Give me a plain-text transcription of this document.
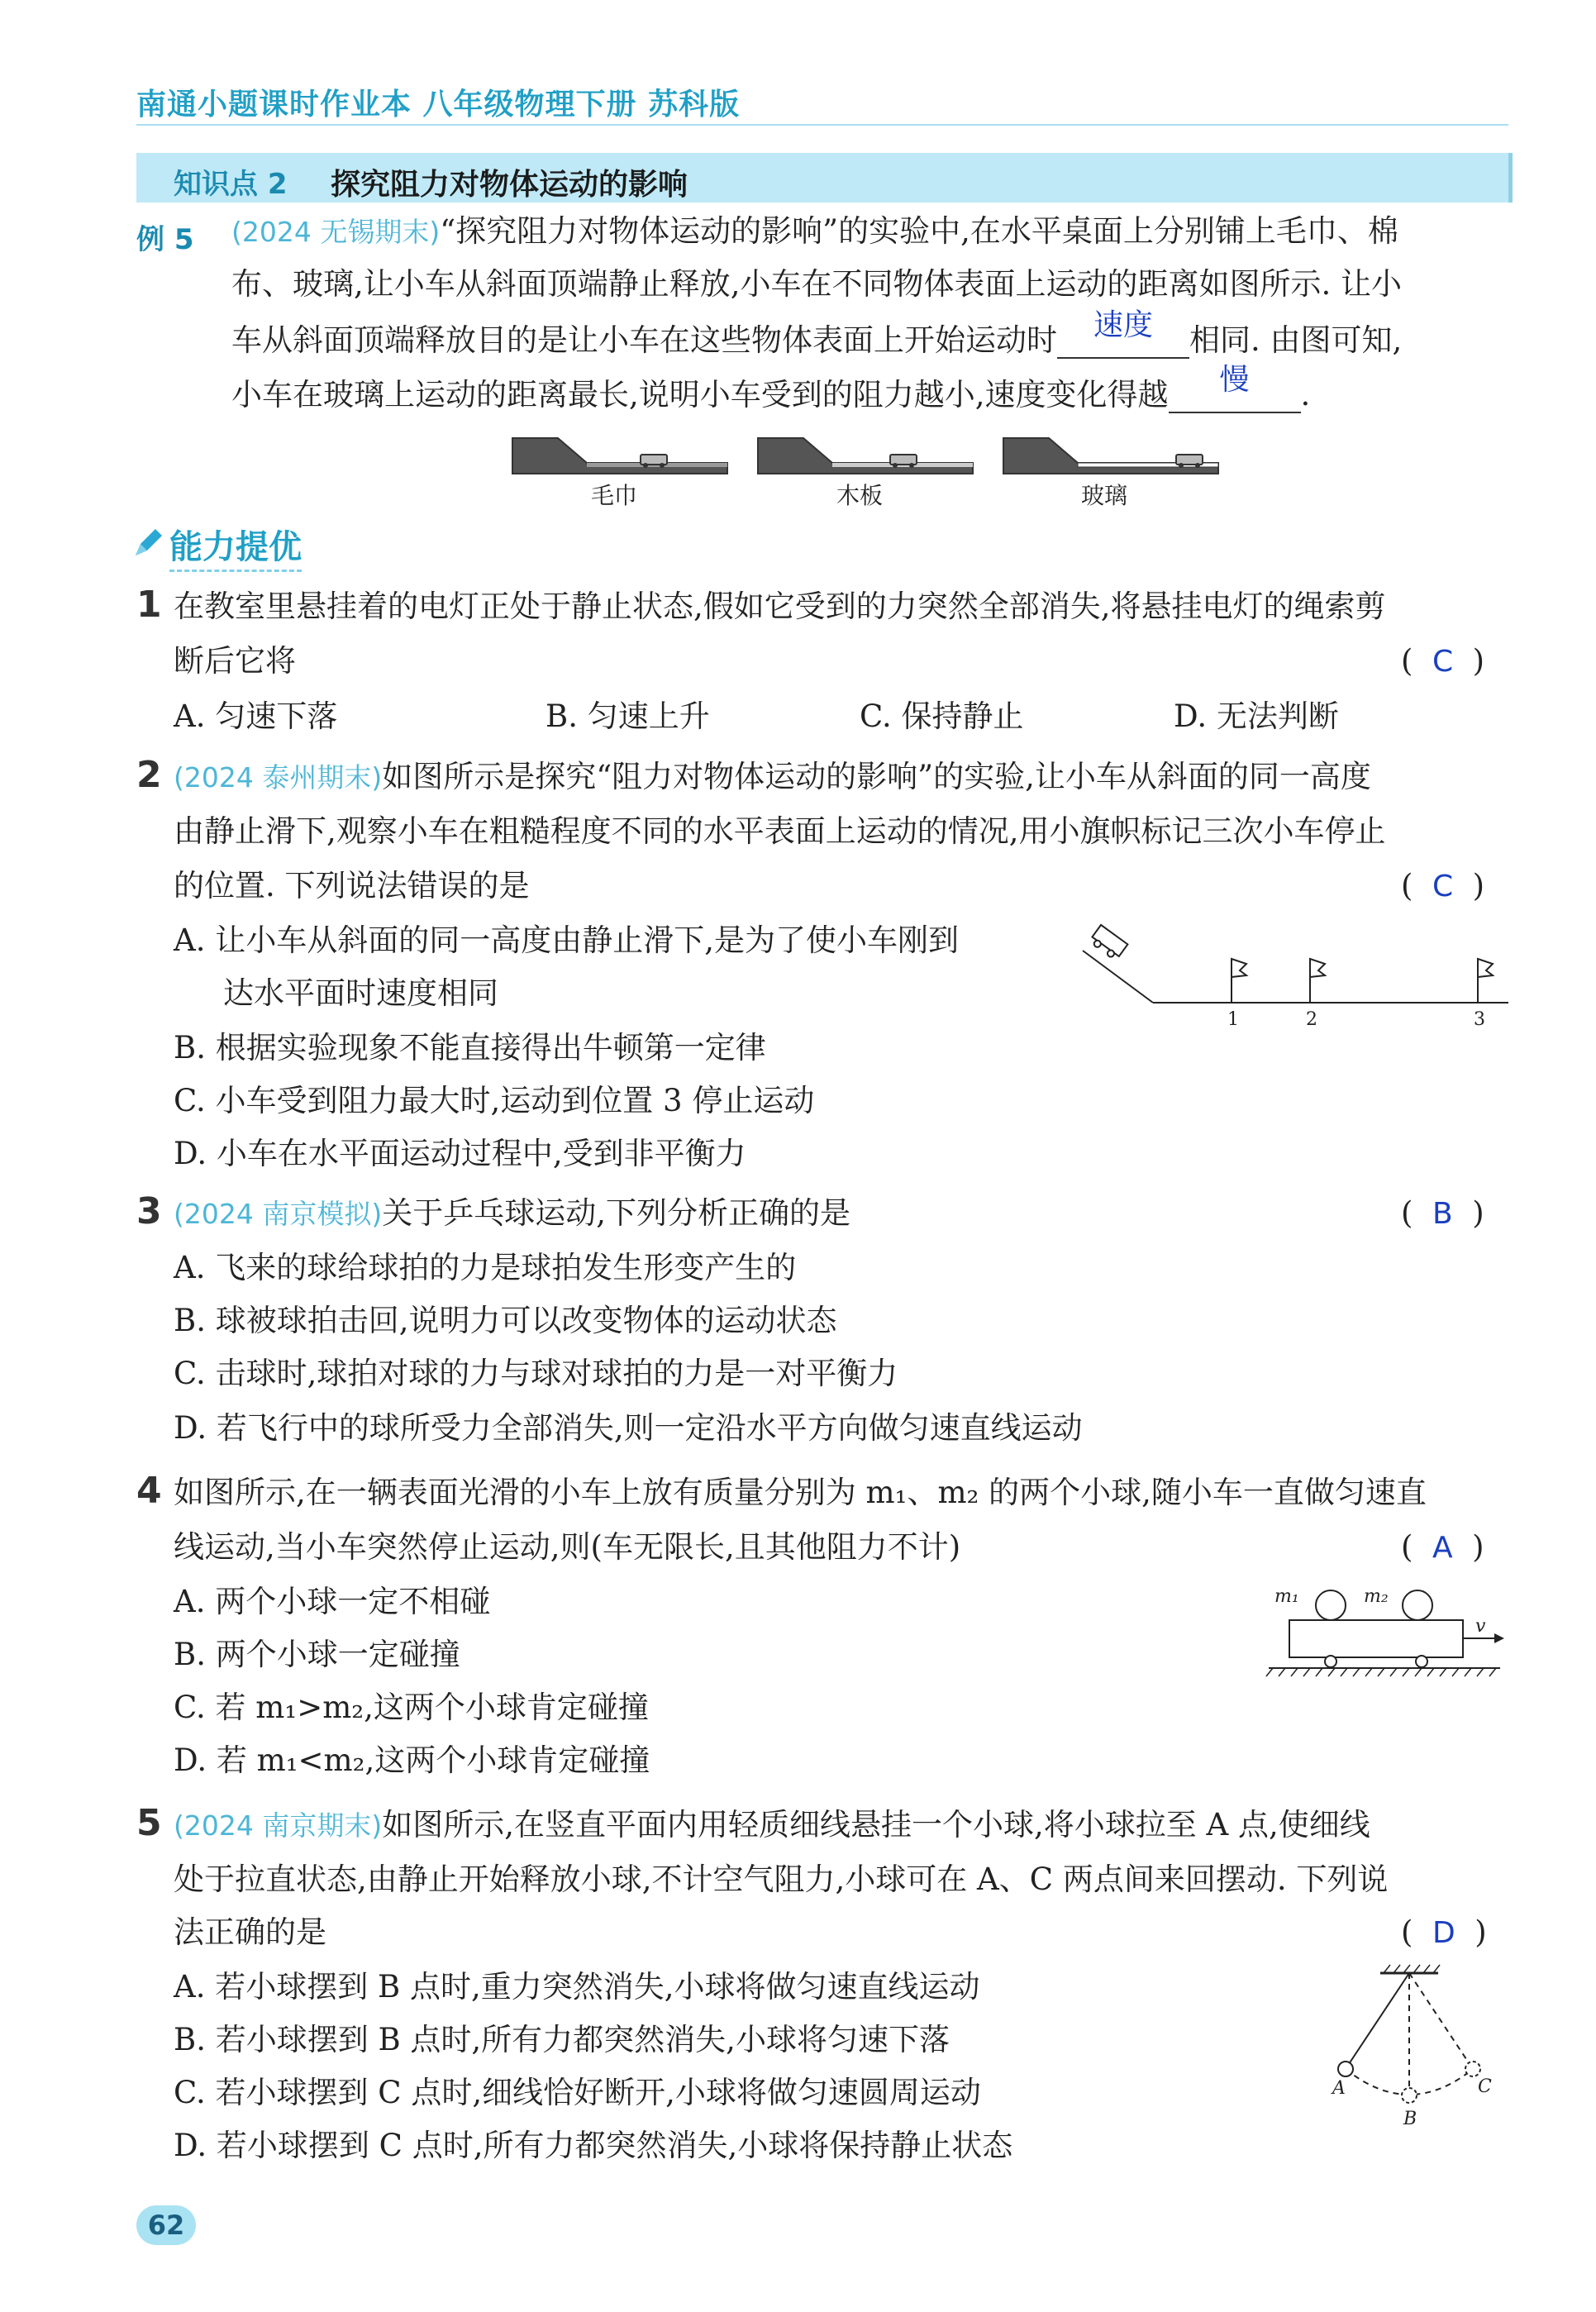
南通小题课时作业本 八年级物理下册 苏科版
知识点 2 探究阻力对物体运动的影响
例 5 (2024 无锡期末)“探究阻力对物体运动的影响”的实验中,在水平桌面上分别铺上毛巾、棉
布、玻璃,让小车从斜面顶端静止释放,小车在不同物体表面上运动的距离如图所示. 让小
车从斜面顶端释放目的是让小车在这些物体表面上开始运动时	速度	相同. 由图可知,
小车在玻璃上运动的距离最长,说明小车受到的阻力越小,速度变化得越	慢	.
毛巾	木板	玻璃
能力提优
1 在教室里悬挂着的电灯正处于静止状态,假如它受到的力突然全部消失,将悬挂电灯的绳索剪
断后它将	(  C  )
A. 匀速下落	B. 匀速上升	C. 保持静止	D. 无法判断
2 (2024 泰州期末)如图所示是探究“阻力对物体运动的影响”的实验,让小车从斜面的同一高度
由静止滑下,观察小车在粗糙程度不同的水平表面上运动的情况,用小旗帜标记三次小车停止
的位置. 下列说法错误的是	(  C  )
A. 让小车从斜面的同一高度由静止滑下,是为了使小车刚到
达水平面时速度相同
B. 根据实验现象不能直接得出牛顿第一定律
C. 小车受到阻力最大时,运动到位置 3 停止运动
D. 小车在水平面运动过程中,受到非平衡力
1	2	3
3 (2024 南京模拟)关于乒乓球运动,下列分析正确的是	(  B  )
A. 飞来的球给球拍的力是球拍发生形变产生的
B. 球被球拍击回,说明力可以改变物体的运动状态
C. 击球时,球拍对球的力与球对球拍的力是一对平衡力
D. 若飞行中的球所受力全部消失,则一定沿水平方向做匀速直线运动
4 如图所示,在一辆表面光滑的小车上放有质量分别为 m₁、m₂ 的两个小球,随小车一直做匀速直
线运动,当小车突然停止运动,则(车无限长,且其他阻力不计)	(  A  )
A. 两个小球一定不相碰
B. 两个小球一定碰撞
C. 若 m₁>m₂,这两个小球肯定碰撞
D. 若 m₁<m₂,这两个小球肯定碰撞
m₁	m₂
v
5 (2024 南京期末)如图所示,在竖直平面内用轻质细线悬挂一个小球,将小球拉至 A 点,使细线
处于拉直状态,由静止开始释放小球,不计空气阻力,小球可在 A、C 两点间来回摆动. 下列说
法正确的是	(  D  )
A. 若小球摆到 B 点时,重力突然消失,小球将做匀速直线运动
B. 若小球摆到 B 点时,所有力都突然消失,小球将匀速下落
C. 若小球摆到 C 点时,细线恰好断开,小球将做匀速圆周运动
D. 若小球摆到 C 点时,所有力都突然消失,小球将保持静止状态
A
B
C
62
